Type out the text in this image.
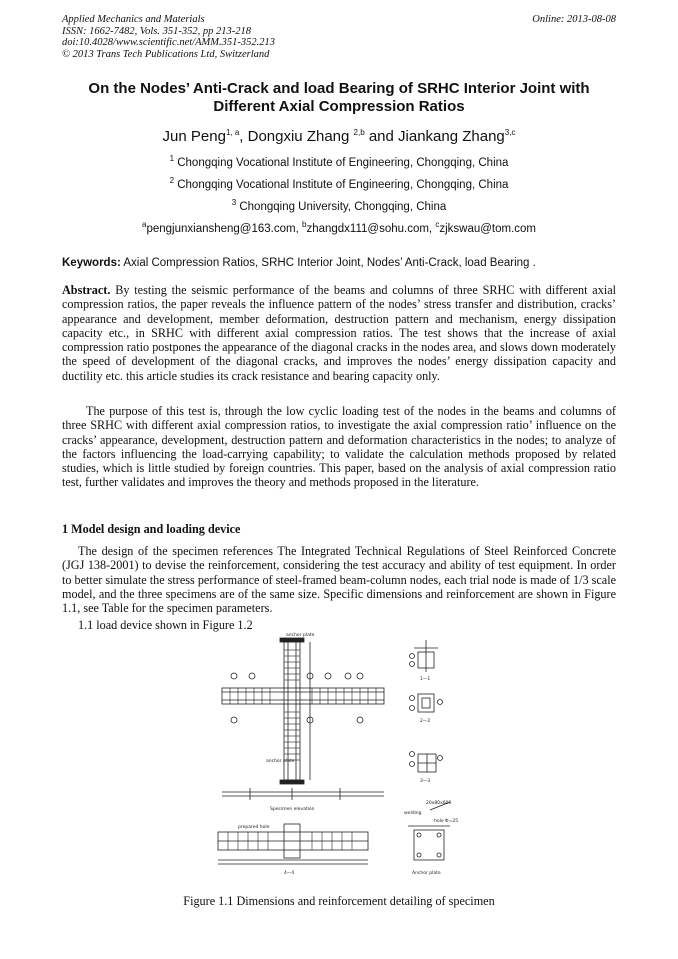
Applied Mechanics and Materials
ISSN: 1662-7482, Vols. 351-352, pp 213-218
doi:10.4028/www.scientific.net/AMM.351-352.213
© 2013 Trans Tech Publications Ltd, Switzerland
Online: 2013-08-08
On the Nodes’ Anti-Crack and load Bearing of SRHC Interior Joint with
Different Axial Compression Ratios
Jun Peng$^{1, a}$, Dongxiu Zhang $^{2,b}$ and Jiankang Zhang$^{3,c}$
$^1$ Chongqing Vocational Institute of Engineering, Chongqing, China
$^2$ Chongqing Vocational Institute of Engineering, Chongqing, China
$^3$ Chongqing University, Chongqing, China
$^a$pengjunxiansheng@163.com, $^b$zhangdx111@sohu.com, $^c$zjkswau@tom.com
Keywords: Axial Compression Ratios, SRHC Interior Joint, Nodes’ Anti-Crack, load Bearing .
Abstract. By testing the seismic performance of the beams and columns of three SRHC with different axial compression ratios, the paper reveals the influence pattern of the nodes’ stress transfer and distribution, cracks’ appearance and development, member deformation, destruction pattern and mechanism, energy dissipation capacity etc., in SRHC with different axial compression ratios. The test shows that the increase of axial compression ratio postpones the appearance of the diagonal cracks in the nodes area, and slows down moderately the speed of development of the diagonal cracks, and improves the nodes’ energy dissipation capacity and ductility etc. this article studies its crack resistance and bearing capacity only.
The purpose of this test is, through the low cyclic loading test of the nodes in the beams and columns of three SRHC with different axial compression ratios, to investigate the axial compression ratio’ influence on the cracks’ appearance, development, destruction pattern and deformation characteristics in the nodes; to analyze of the factors influencing the load-carrying capability; to validate the calculation methods proposed by related studies, which is little studied by foreign countries. This paper, based on the analysis of axial compression ratio test, further validates and improves the theory and methods proposed in the literature.
1 Model design and loading device
The design of the specimen references The Integrated Technical Regulations of Steel Reinforced Concrete (JGJ 138-2001) to devise the reinforcement, considering the test accuracy and ability of test equipment. In order to better simulate the stress performance of steel-framed beam-column nodes, each trial node is made of 1/3 scale model, and the three specimens are of the same size. Specific dimensions and reinforcement are shown in Figure 1.1, see Table for the specimen parameters.
1.1 load device shown in Figure 1.2
anchor plate
anchor plate
Specimen elevation
prepared hole
1—1
2—2
3—3
4—4
welding
20x80x600
hole Φ=25
Anchor plate
Figure 1.1 Dimensions and reinforcement detailing of specimen
